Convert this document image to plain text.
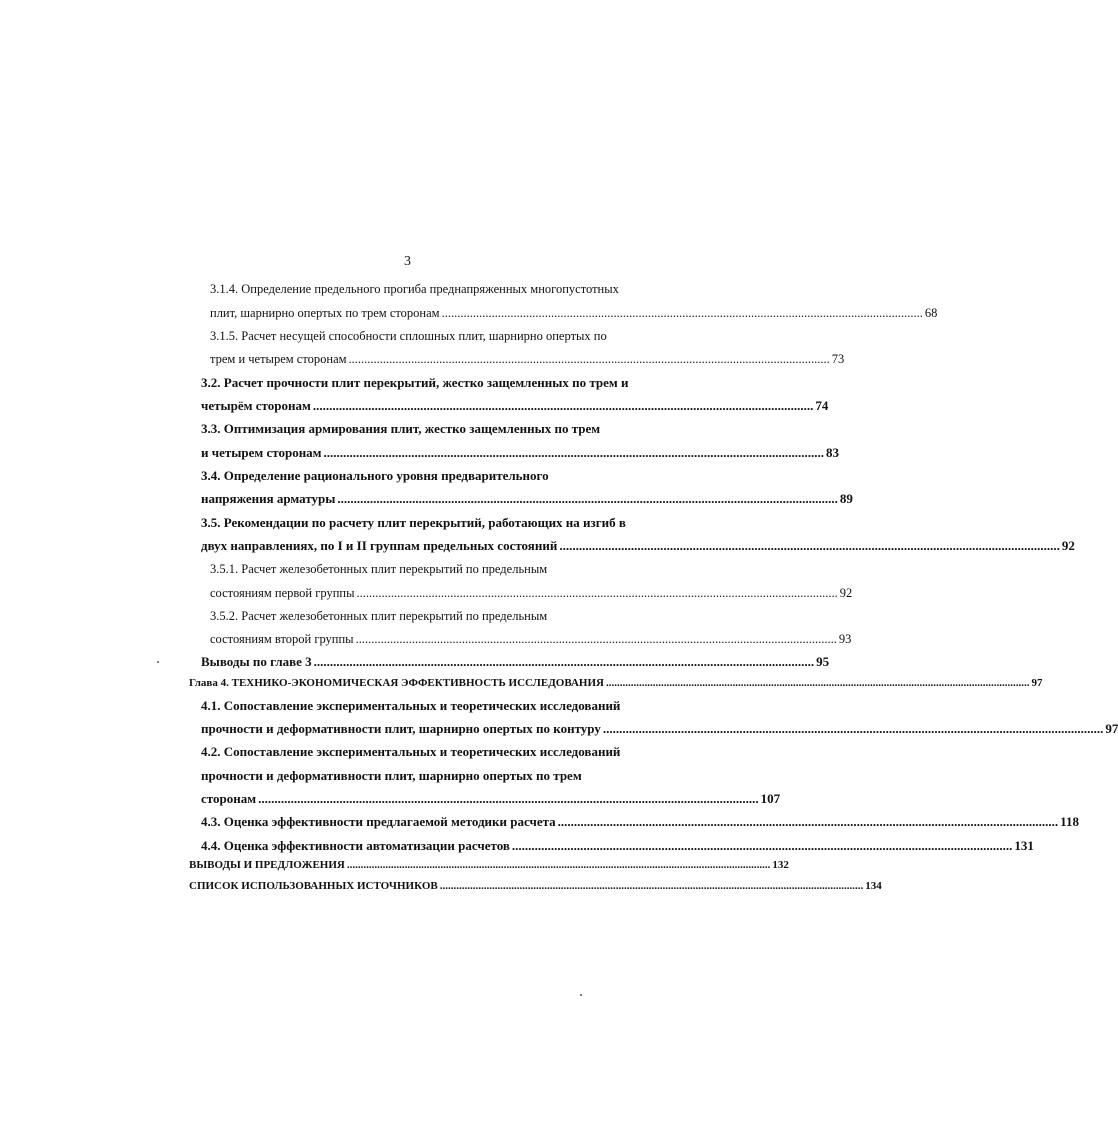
3
3.1.4. Определение предельного прогиба преднапряженных многопустотных
плит, шарнирно опертых по трем сторонам .......................................................................................................................................................... 68
3.1.5. Расчет несущей способности сплошных плит, шарнирно опертых по
трем и четырем сторонам .......................................................................................................................................................... 73
3.2. Расчет прочности плит перекрытий, жестко защемленных по трем и
четырём сторонам .......................................................................................................................................................... 74
3.3. Оптимизация армирования плит, жестко защемленных по трем
и четырем сторонам .......................................................................................................................................................... 83
3.4. Определение рационального уровня предварительного
напряжения арматуры .......................................................................................................................................................... 89
3.5. Рекомендации по расчету плит перекрытий, работающих на изгиб в
двух направлениях, по I и II группам предельных состояний .......................................................................................................................................................... 92
3.5.1. Расчет железобетонных плит перекрытий по предельным
состояниям первой группы .......................................................................................................................................................... 92
3.5.2. Расчет железобетонных плит перекрытий по предельным
состояниям второй группы .......................................................................................................................................................... 93
Выводы по главе 3 .......................................................................................................................................................... 95
Глава 4. ТЕХНИКО-ЭКОНОМИЧЕСКАЯ ЭФФЕКТИВНОСТЬ ИССЛЕДОВАНИЯ .......................................................................................................................................................... 97
4.1. Сопоставление экспериментальных и теоретических исследований
прочности и деформативности плит, шарнирно опертых по контуру .......................................................................................................................................................... 97
4.2. Сопоставление экспериментальных и теоретических исследований
прочности и деформативности плит, шарнирно опертых по трем
сторонам .......................................................................................................................................................... 107
4.3. Оценка эффективности предлагаемой методики расчета .......................................................................................................................................................... 118
4.4. Оценка эффективности автоматизации расчетов .......................................................................................................................................................... 131
ВЫВОДЫ И ПРЕДЛОЖЕНИЯ .......................................................................................................................................................... 132
СПИСОК ИСПОЛЬЗОВАННЫХ ИСТОЧНИКОВ .......................................................................................................................................................... 134
